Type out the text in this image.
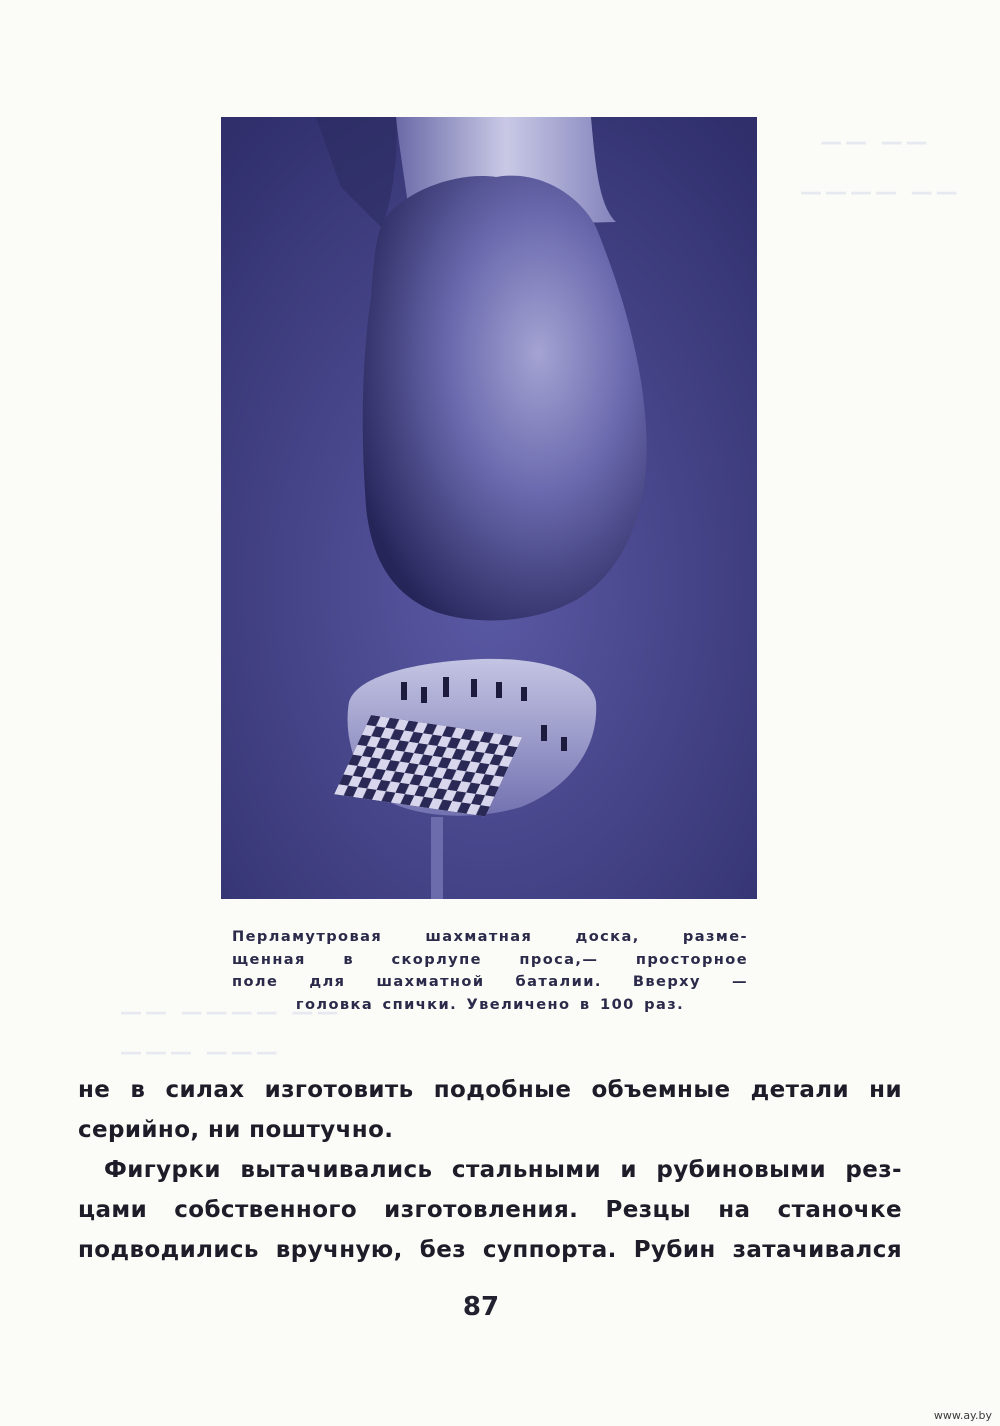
—— ——
———— ——
—— ———— ——
——— ———
Перламутровая шахматная доска, разме-
щенная в скорлупе проса,— просторное
поле для шахматной баталии. Вверху —
головка спички. Увеличено в 100 раз.
не в силах изготовить подобные объемные детали ни
серийно, ни поштучно.
Фигурки вытачивались стальными и рубиновыми рез-
цами собственного изготовления. Резцы на станочке
подводились вручную, без суппорта. Рубин затачивался
87
www.ay.by
